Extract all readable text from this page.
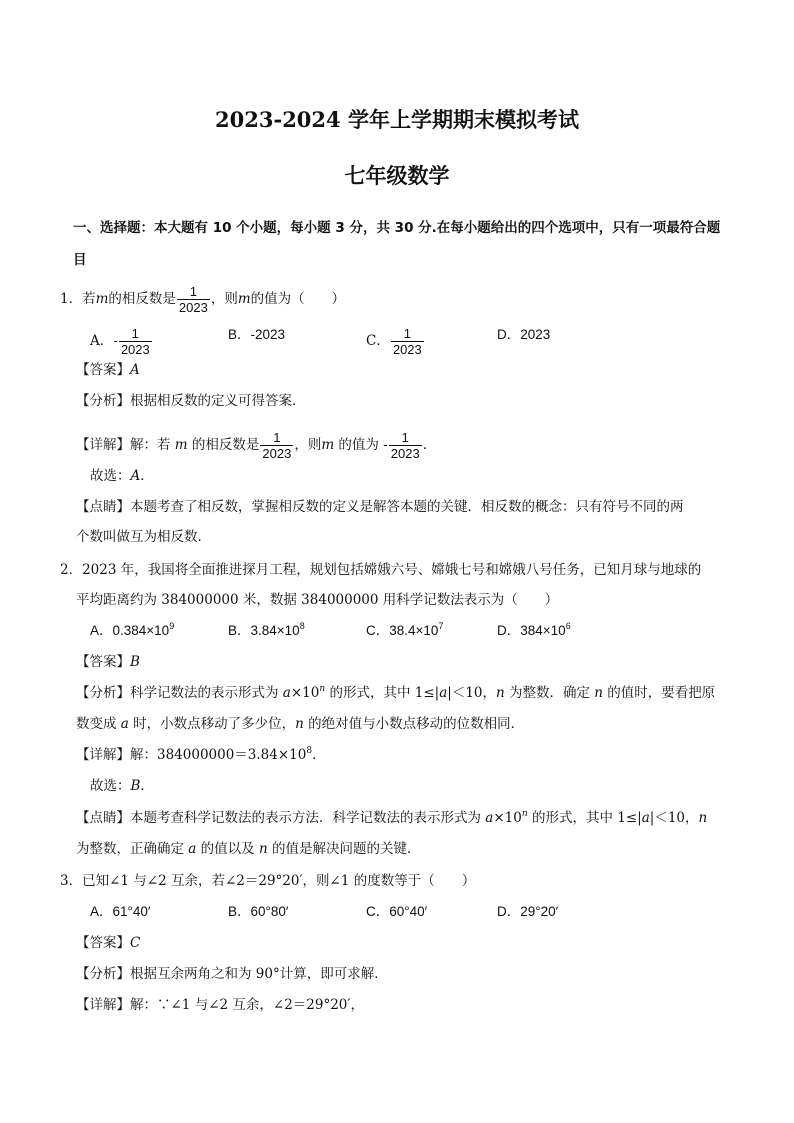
2023-2024 学年上学期期末模拟考试
七年级数学
一、选择题：本大题有 10 个小题，每小题 3 分，共 30 分.在每小题给出的四个选项中，只有一项最符合题
目
1．若m的相反数是 $\frac{1}{2023}$ ，则m的值为（　　）
A．- $\frac{1}{2023}$	B．-2023	C． $\frac{1}{2023}$	D．2023
【答案】A
【分析】根据相反数的定义可得答案．
【详解】解：若 m 的相反数是 $\frac{1}{2023}$ ，则m 的值为 - $\frac{1}{2023}$ ．
故选：A．
【点睛】本题考查了相反数，掌握相反数的定义是解答本题的关键．相反数的概念：只有符号不同的两
个数叫做互为相反数．
2．2023 年，我国将全面推进探月工程，规划包括嫦娥六号、嫦娥七号和嫦娥八号任务，已知月球与地球的
平均距离约为 384000000 米，数据 384000000 用科学记数法表示为（　　）
A．$0.384\times 10^9$	B．$3.84\times 10^8$	C．$38.4\times 10^7$	D．$384\times 10^6$
【答案】B
【分析】科学记数法的表示形式为 $a\times 10^n$ 的形式，其中 1≤|a|＜10，n 为整数．确定 n 的值时，要看把原
数变成 a 时，小数点移动了多少位，n 的绝对值与小数点移动的位数相同．
【详解】解：$384000000=3.84\times 10^8$．
故选：B．
【点睛】本题考查科学记数法的表示方法．科学记数法的表示形式为 $a\times 10^n$ 的形式，其中 1≤|a|＜10，n
为整数，正确确定 a 的值以及 n 的值是解决问题的关键．
3．已知∠1 与∠2 互余，若∠2＝29°20′，则∠1 的度数等于（　　）
A．61°40′	B．60°80′	C．60°40′	D．29°20′
【答案】C
【分析】根据互余两角之和为 90°计算，即可求解．
【详解】解：∵∠1 与∠2 互余，∠2＝29°20′，
